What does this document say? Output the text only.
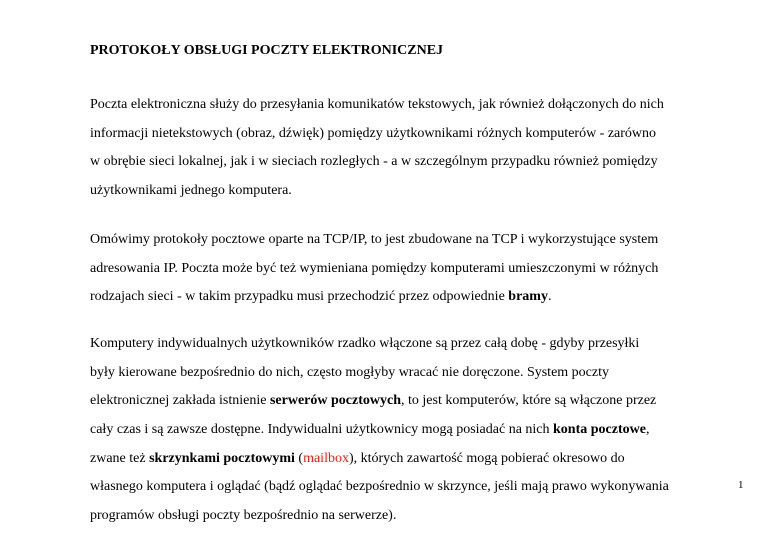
PROTOKOŁY OBSŁUGI POCZTY ELEKTRONICZNEJ
Poczta elektroniczna służy do przesyłania komunikatów tekstowych, jak również dołączonych do nich
informacji nietekstowych (obraz, dźwięk) pomiędzy użytkownikami różnych komputerów - zarówno
w obrębie sieci lokalnej, jak i w sieciach rozległych - a w szczególnym przypadku również pomiędzy
użytkownikami jednego komputera.
Omówimy protokoły pocztowe oparte na TCP/IP, to jest zbudowane na TCP i wykorzystujące system
adresowania IP. Poczta może być też wymieniana pomiędzy komputerami umieszczonymi w różnych
rodzajach sieci - w takim przypadku musi przechodzić przez odpowiednie bramy.
Komputery indywidualnych użytkowników rzadko włączone są przez całą dobę - gdyby przesyłki
były kierowane bezpośrednio do nich, często mogłyby wracać nie doręczone. System poczty
elektronicznej zakłada istnienie serwerów pocztowych, to jest komputerów, które są włączone przez
cały czas i są zawsze dostępne. Indywidualni użytkownicy mogą posiadać na nich konta pocztowe,
zwane też skrzynkami pocztowymi (mailbox), których zawartość mogą pobierać okresowo do
własnego komputera i oglądać (bądź oglądać bezpośrednio w skrzynce, jeśli mają prawo wykonywania
programów obsługi poczty bezpośrednio na serwerze).
1
